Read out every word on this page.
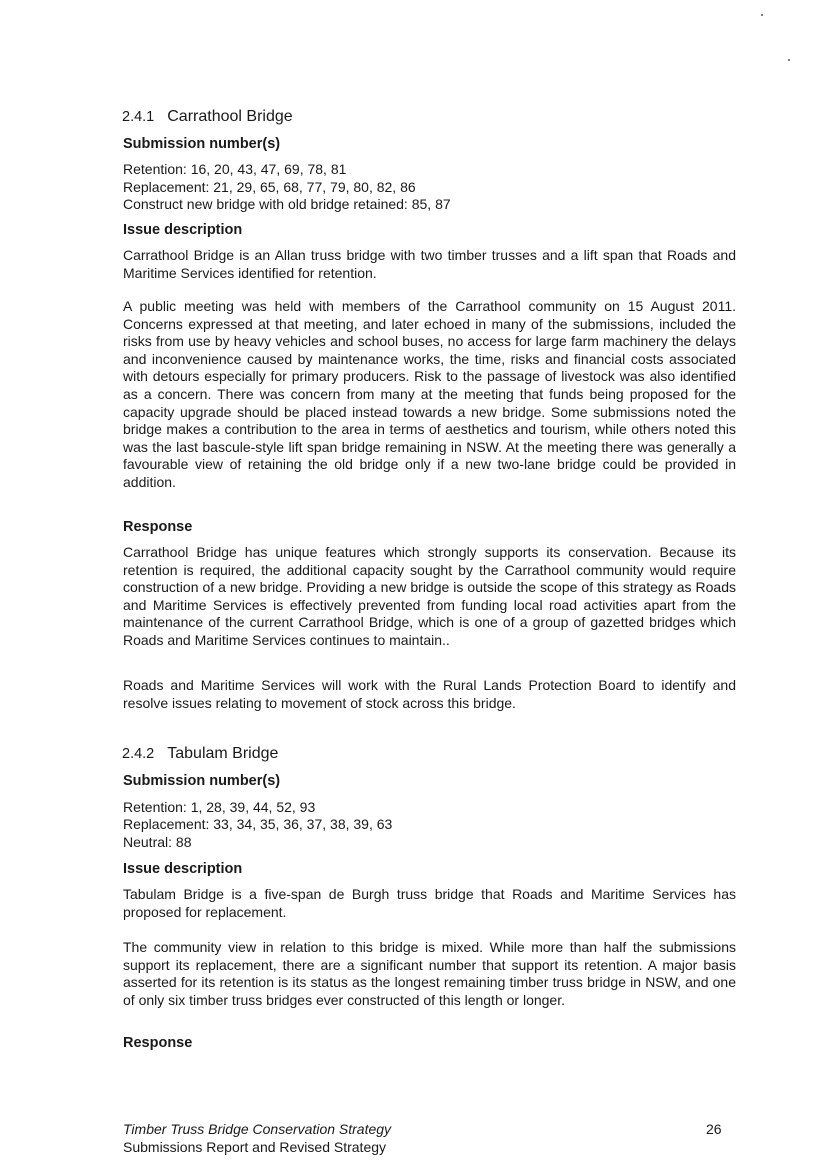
2.4.1 Carrathool Bridge
Submission number(s)
Retention: 16, 20, 43, 47, 69, 78, 81
Replacement: 21, 29, 65, 68, 77, 79, 80, 82, 86
Construct new bridge with old bridge retained: 85, 87
Issue description
Carrathool Bridge is an Allan truss bridge with two timber trusses and a lift span that Roads and Maritime Services identified for retention.
A public meeting was held with members of the Carrathool community on 15 August 2011. Concerns expressed at that meeting, and later echoed in many of the submissions, included the risks from use by heavy vehicles and school buses, no access for large farm machinery the delays and inconvenience caused by maintenance works, the time, risks and financial costs associated with detours especially for primary producers. Risk to the passage of livestock was also identified as a concern. There was concern from many at the meeting that funds being proposed for the capacity upgrade should be placed instead towards a new bridge. Some submissions noted the bridge makes a contribution to the area in terms of aesthetics and tourism, while others noted this was the last bascule-style lift span bridge remaining in NSW. At the meeting there was generally a favourable view of retaining the old bridge only if a new two-lane bridge could be provided in addition.
Response
Carrathool Bridge has unique features which strongly supports its conservation. Because its retention is required, the additional capacity sought by the Carrathool community would require construction of a new bridge. Providing a new bridge is outside the scope of this strategy as Roads and Maritime Services is effectively prevented from funding local road activities apart from the maintenance of the current Carrathool Bridge, which is one of a group of gazetted bridges which Roads and Maritime Services continues to maintain..
Roads and Maritime Services will work with the Rural Lands Protection Board to identify and resolve issues relating to movement of stock across this bridge.
2.4.2 Tabulam Bridge
Submission number(s)
Retention: 1, 28, 39, 44, 52, 93
Replacement: 33, 34, 35, 36, 37, 38, 39, 63
Neutral: 88
Issue description
Tabulam Bridge is a five-span de Burgh truss bridge that Roads and Maritime Services has proposed for replacement.
The community view in relation to this bridge is mixed. While more than half the submissions support its replacement, there are a significant number that support its retention. A major basis asserted for its retention is its status as the longest remaining timber truss bridge in NSW, and one of only six timber truss bridges ever constructed of this length or longer.
Response
Timber Truss Bridge Conservation Strategy
Submissions Report and Revised Strategy
26
